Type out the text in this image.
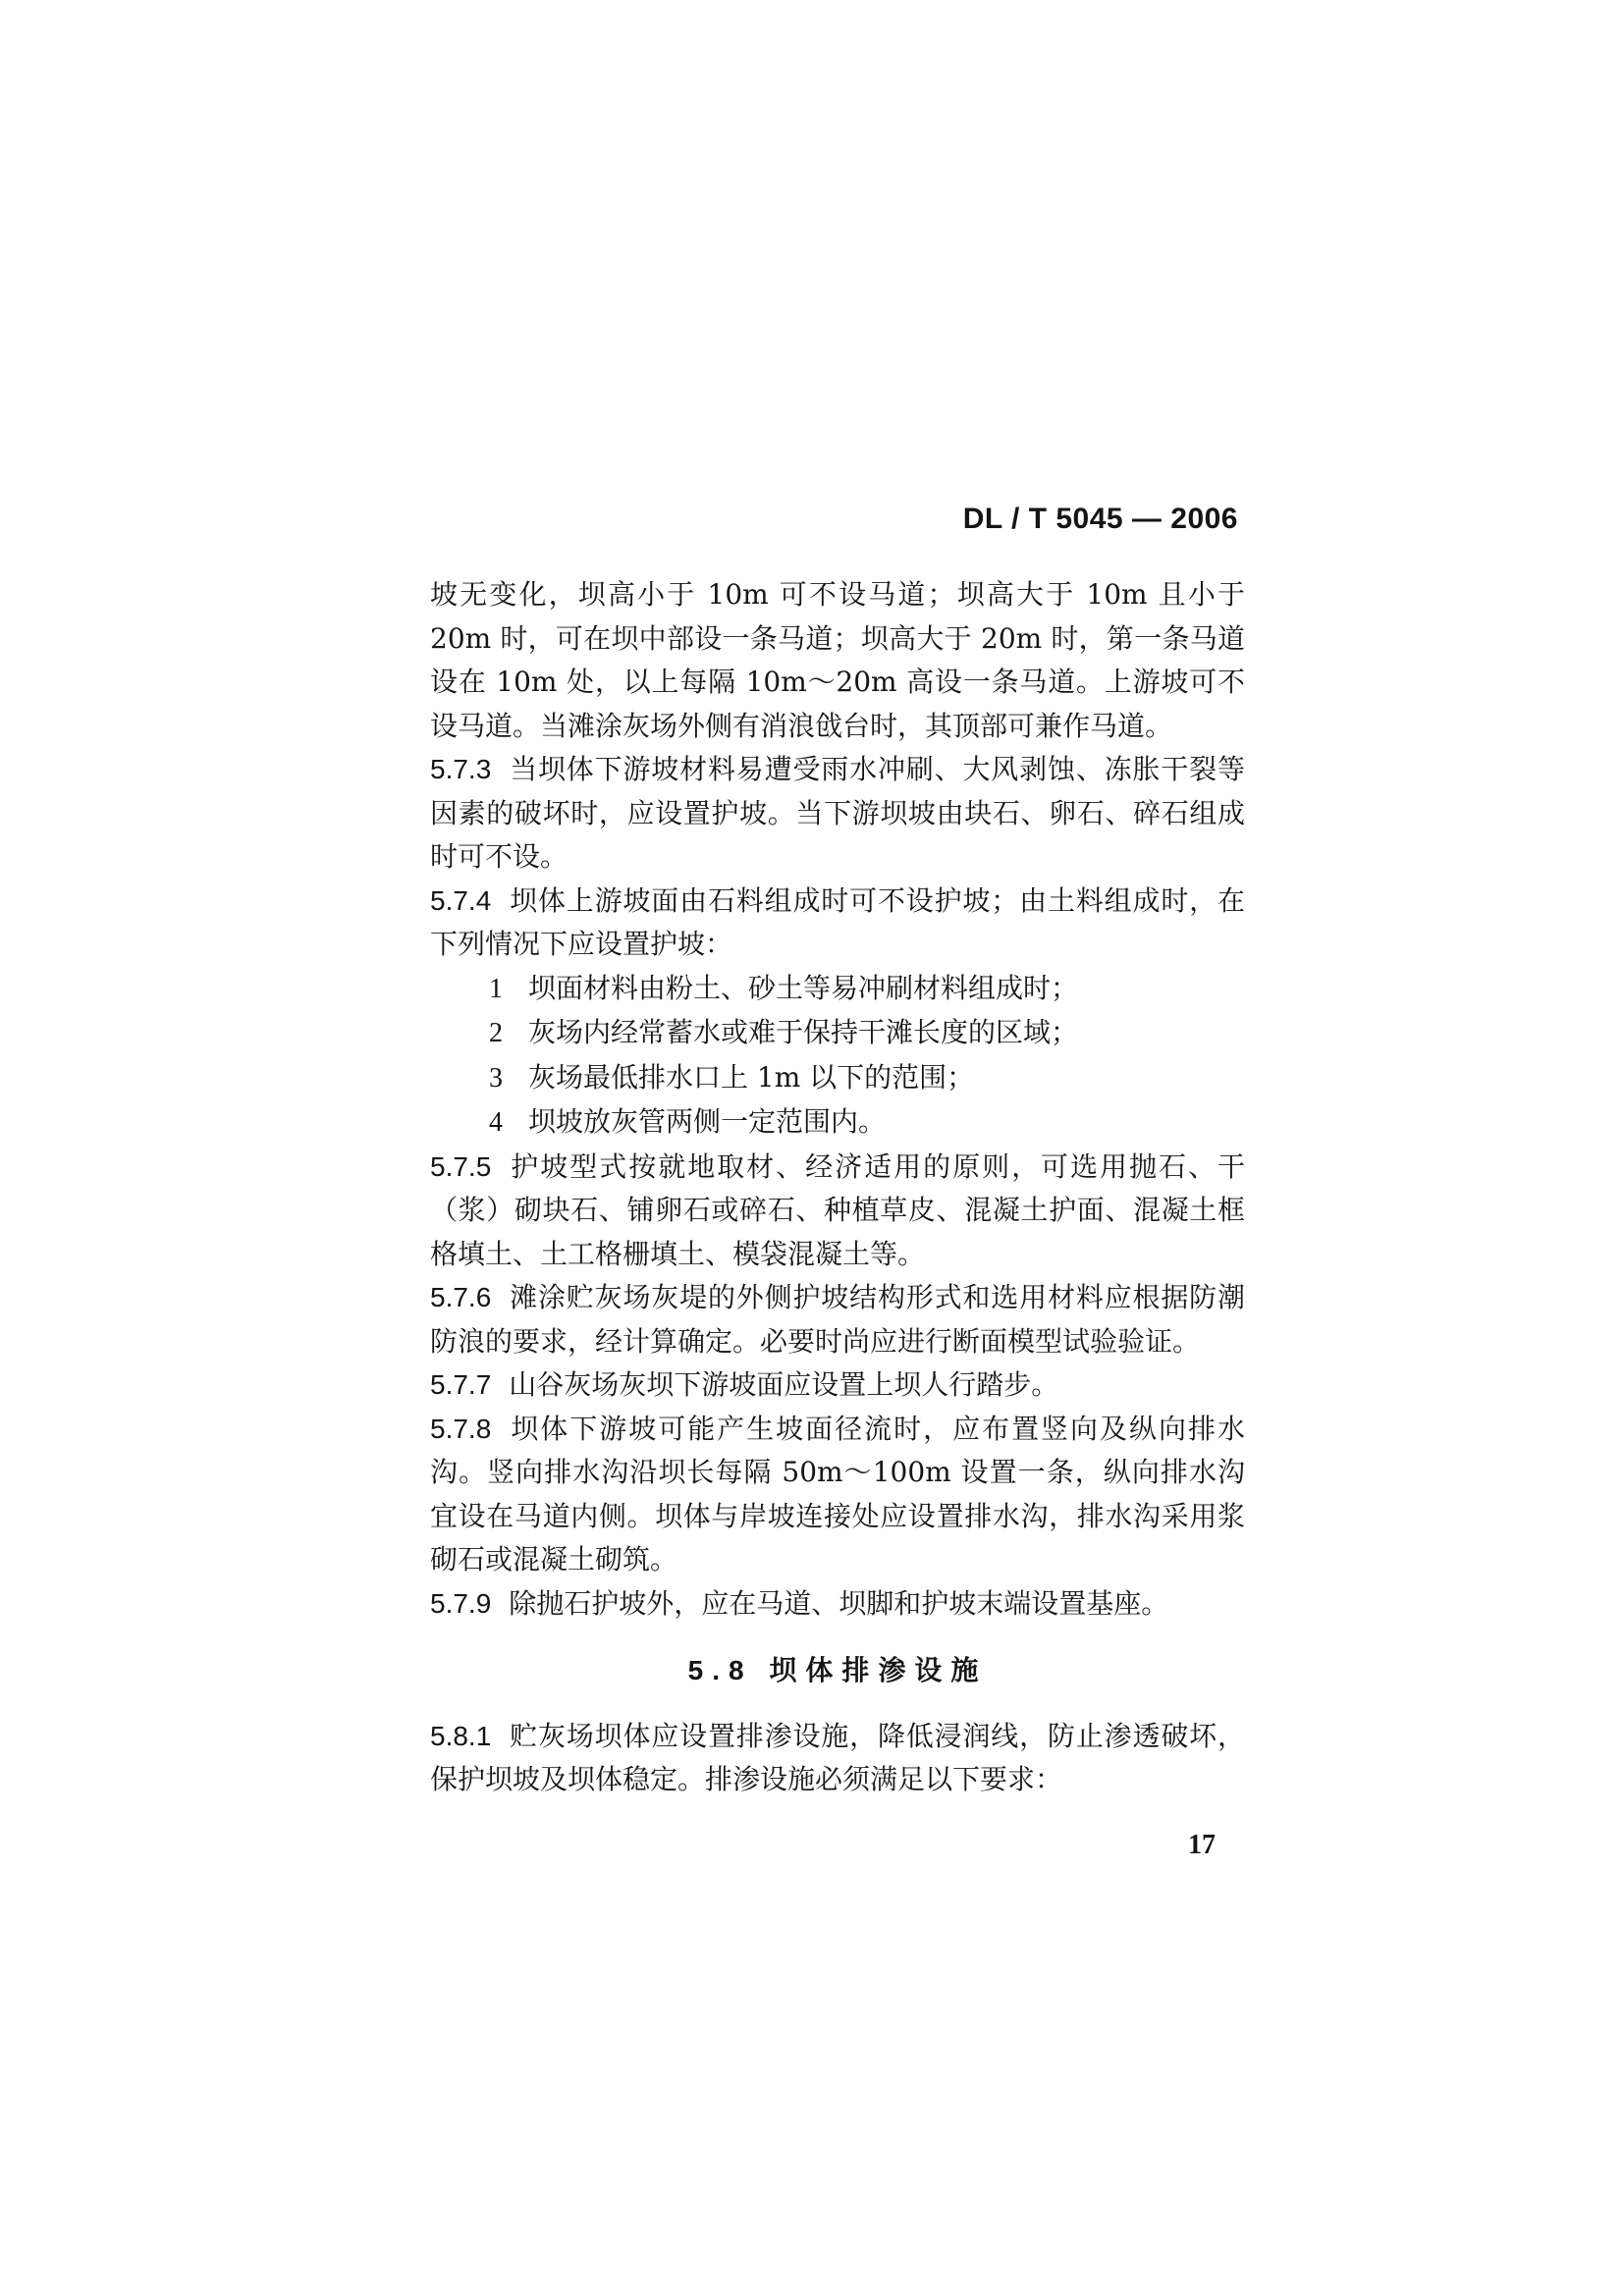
DL / T 5045 — 2006

坡无变化，坝高小于 10m 可不设马道；坝高大于 10m 且小于 20m 时，可在坝中部设一条马道；坝高大于 20m 时，第一条马道设在 10m 处，以上每隔 10m～20m 高设一条马道。上游坡可不设马道。当滩涂灰场外侧有消浪戗台时，其顶部可兼作马道。

5.7.3 当坝体下游坡材料易遭受雨水冲刷、大风剥蚀、冻胀干裂等因素的破坏时，应设置护坡。当下游坝坡由块石、卵石、碎石组成时可不设。

5.7.4 坝体上游坡面由石料组成时可不设护坡；由土料组成时，在下列情况下应设置护坡：

1 坝面材料由粉土、砂土等易冲刷材料组成时；

2 灰场内经常蓄水或难于保持干滩长度的区域；

3 灰场最低排水口上 1m 以下的范围；

4 坝坡放灰管两侧一定范围内。

5.7.5 护坡型式按就地取材、经济适用的原则，可选用抛石、干（浆）砌块石、铺卵石或碎石、种植草皮、混凝土护面、混凝土框格填土、土工格栅填土、模袋混凝土等。

5.7.6 滩涂贮灰场灰堤的外侧护坡结构形式和选用材料应根据防潮防浪的要求，经计算确定。必要时尚应进行断面模型试验验证。

5.7.7 山谷灰场灰坝下游坡面应设置上坝人行踏步。

5.7.8 坝体下游坡可能产生坡面径流时，应布置竖向及纵向排水沟。竖向排水沟沿坝长每隔 50m～100m 设置一条，纵向排水沟宜设在马道内侧。坝体与岸坡连接处应设置排水沟，排水沟采用浆砌石或混凝土砌筑。

5.7.9 除抛石护坡外，应在马道、坝脚和护坡末端设置基座。

5.8 坝体排渗设施

5.8.1 贮灰场坝体应设置排渗设施，降低浸润线，防止渗透破坏，保护坝坡及坝体稳定。排渗设施必须满足以下要求：

17
